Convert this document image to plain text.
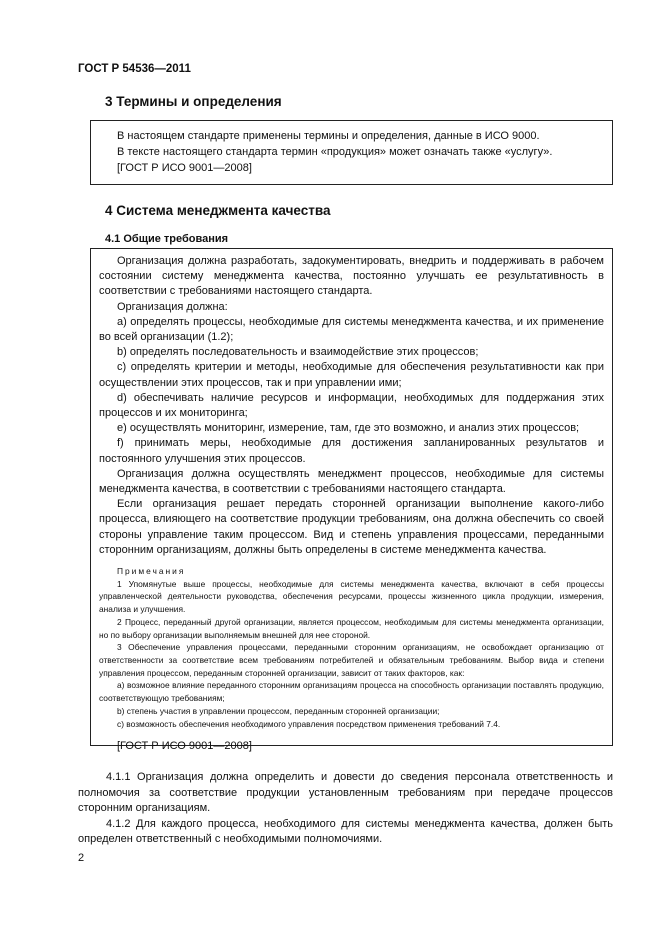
ГОСТ Р 54536—2011
3 Термины и определения
В настоящем стандарте применены термины и определения, данные в ИСО 9000.
В тексте настоящего стандарта термин «продукция» может означать также «услугу».
[ГОСТ Р ИСО 9001—2008]
4 Система менеджмента качества
4.1 Общие требования

Организация должна разработать, задокументировать, внедрить и поддерживать в рабочем состоянии систему менеджмента качества, постоянно улучшать ее результативность в соответствии с требованиями настоящего стандарта.

Организация должна:

а) определять процессы, необходимые для системы менеджмента качества, и их применение во всей организации (1.2);

b) определять последовательность и взаимодействие этих процессов;

с) определять критерии и методы, необходимые для обеспечения результативности как при осуществлении этих процессов, так и при управлении ими;

d) обеспечивать наличие ресурсов и информации, необходимых для поддержания этих процессов и их мониторинга;

е) осуществлять мониторинг, измерение, там, где это возможно, и анализ этих процессов;

f) принимать меры, необходимые для достижения запланированных результатов и постоянного улучшения этих процессов.

Организация должна осуществлять менеджмент процессов, необходимые для системы менеджмента качества, в соответствии с требованиями настоящего стандарта.

Если организация решает передать сторонней организации выполнение какого-либо процесса, влияющего на соответствие продукции требованиям, она должна обеспечить со своей стороны управление таким процессом. Вид и степень управления процессами, переданными сторонним организациям, должны быть определены в системе менеджмента качества.

Примечания

1 Упомянутые выше процессы, необходимые для системы менеджмента качества, включают в себя процессы управленческой деятельности руководства, обеспечения ресурсами, процессы жизненного цикла продукции, измерения, анализа и улучшения.

2 Процесс, переданный другой организации, является процессом, необходимым для системы менеджмента организации, но по выбору организации выполняемым внешней для нее стороной.

3 Обеспечение управления процессами, переданными сторонним организациям, не освобождает организацию от ответственности за соответствие всем требованиям потребителей и обязательным требованиям. Выбор вида и степени управления процессом, переданным сторонней организации, зависит от таких факторов, как:

а) возможное влияние переданного сторонним организациям процесса на способность организации поставлять продукцию, соответствующую требованиям;

b) степень участия в управлении процессом, переданным сторонней организации;

с) возможность обеспечения необходимого управления посредством применения требований 7.4.

[ГОСТ Р ИСО 9001—2008]

4.1.1 Организация должна определить и довести до сведения персонала ответственность и полномочия за соответствие продукции установленным требованиям при передаче процессов сторонним организациям.

4.1.2 Для каждого процесса, необходимого для системы менеджмента качества, должен быть определен ответственный с необходимыми полномочиями.

2
